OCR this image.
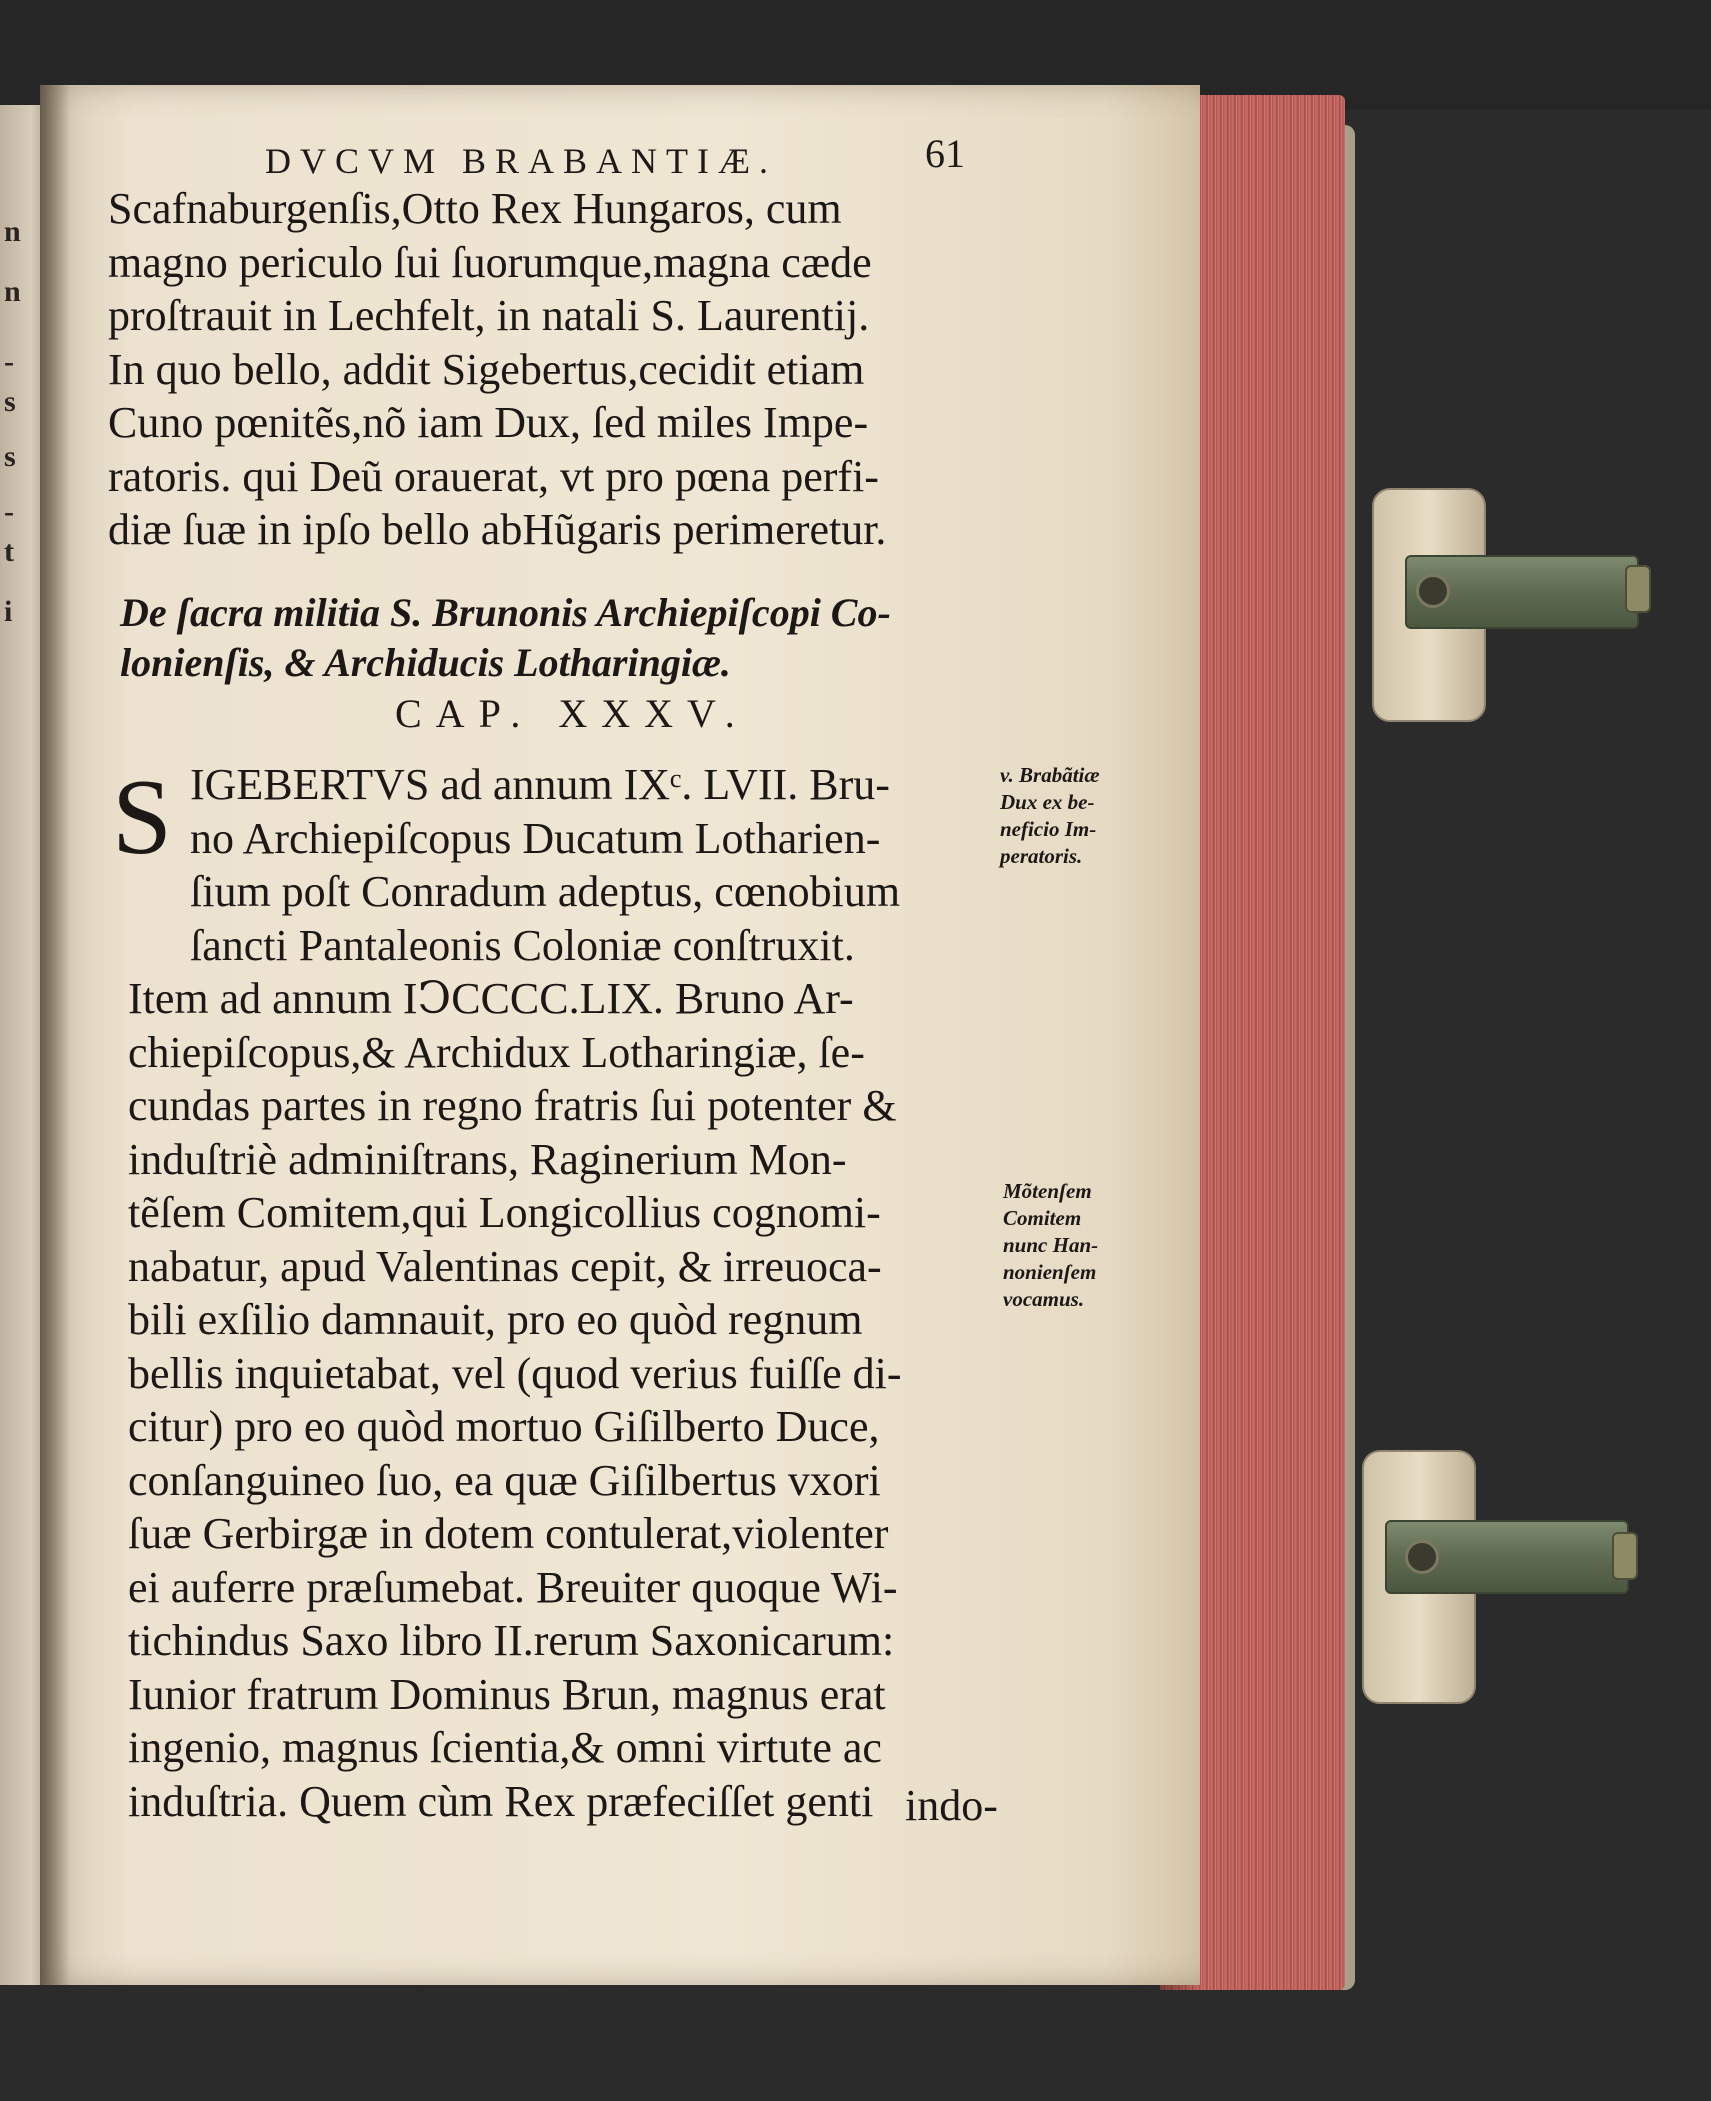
n
n
-
s
s
-
t
i
DVCVM BRABANTIÆ.	61
Scafnaburgenſis,Otto Rex Hungaros, cum
magno periculo ſui ſuorumque,magna cæde
proſtrauit in Lechfelt, in natali S. Laurentij.
In quo bello, addit Sigebertus,cecidit etiam
Cuno pœnitẽs,nõ iam Dux, ſed miles Impe-
ratoris. qui Deũ orauerat, vt pro pœna perfi-
diæ ſuæ in ipſo bello abHũgaris perimeretur.
De ſacra militia S. Brunonis Archiepiſcopi Co-
lonienſis, & Archiducis Lotharingiæ.
CAP. XXXV.
S IGEBERTVS ad annum IXᶜ. LVII. Bru-
no Archiepiſcopus Ducatum Lotharien-
ſium poſt Conradum adeptus, cœnobium
ſancti Pantaleonis Coloniæ conſtruxit.
Item ad annum IↃCCCC.LIX. Bruno Ar-
chiepiſcopus,& Archidux Lotharingiæ, ſe-
cundas partes in regno fratris ſui potenter &
induſtriè adminiſtrans, Raginerium Mon-
tẽſem Comitem,qui Longicollius cognomi-
nabatur, apud Valentinas cepit, & irreuoca-
bili exſilio damnauit, pro eo quòd regnum
bellis inquietabat, vel (quod verius fuiſſe di-
citur) pro eo quòd mortuo Giſilberto Duce,
conſanguineo ſuo, ea quæ Giſilbertus vxori
ſuæ Gerbirgæ in dotem contulerat,violenter
ei auferre præſumebat. Breuiter quoque Wi-
tichindus Saxo libro II.rerum Saxonicarum:
Iunior fratrum Dominus Brun, magnus erat
ingenio, magnus ſcientia,& omni virtute ac
induſtria. Quem cùm Rex præfeciſſet genti indo-
v. Brabãtiæ
Dux ex be-
neficio Im-
peratoris.
Mõtenſem
Comitem
nunc Han-
nonienſem
vocamus.
